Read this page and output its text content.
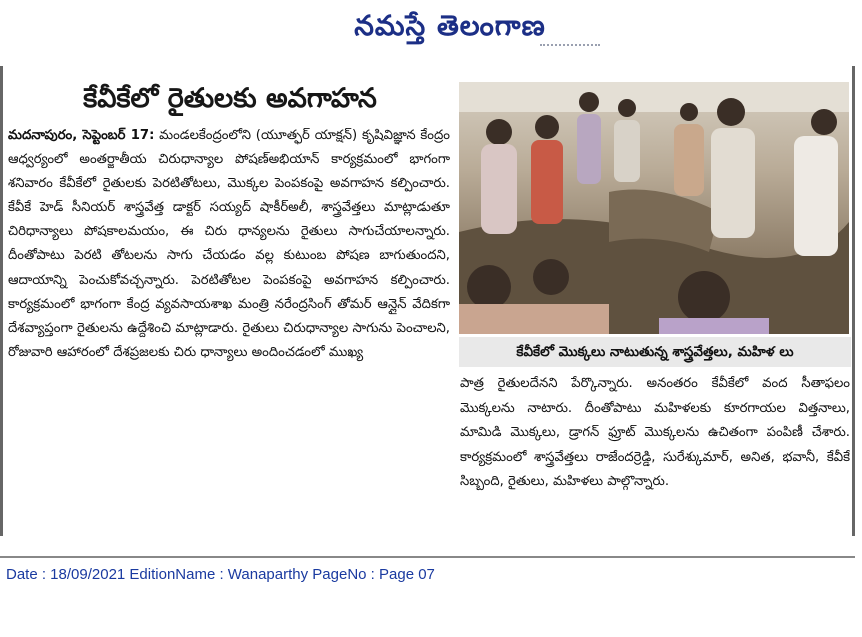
నమస్తే తెలంగాణ
కేవీకేలో రైతులకు అవగాహన

మదనాపురం, సెప్టెంబర్ 17: మండలకేంద్రంలోని (యూత్ఫర్ యాక్షన్) కృషివిజ్ఞాన కేంద్రం ఆధ్వర్యంలో అంతర్జాతీయ చిరుధాన్యాల పోషణ్అభియాన్ కార్యక్రమంలో భాగంగా శనివారం కేవీకేలో రైతులకు పెరటితోటలు, మొక్కల పెంపకంపై అవగాహన కల్పించారు. కేవీకే హెడ్ సీనియర్ శాస్త్రవేత్త డాక్టర్ సయ్యద్ షాకీర్అలీ, శాస్త్రవేత్తలు మాట్లాడుతూ చిరిధాన్యాలు పోషకాలమయం, ఈ చిరు ధాన్యలను రైతులు సాగుచేయాలన్నారు. దీంతోపాటు పెరటి తోటలను సాగు చేయడం వల్ల కుటుంబ పోషణ బాగుతుందని, ఆదాయాన్ని పెంచుకోవచ్చన్నారు. పెరటితోటల పెంపకంపై అవగాహన కల్పించారు. కార్యక్రమంలో భాగంగా కేంద్ర వ్యవసాయశాఖ మంత్రి నరేంద్రసింగ్ తోమర్ ఆన్లైన్ వేదికగా దేశవ్యాప్తంగా రైతులను ఉద్దేశించి మాట్లాడారు. రైతులు చిరుధాన్యాల సాగును పెంచాలని, రోజువారి ఆహారంలో దేశప్రజలకు చిరు ధాన్యాలు అందించడంలో ముఖ్య	కేవీకేలో మొక్కలు నాటుతున్న శాస్త్రవేత్తలు, మహిళ లు

పాత్ర రైతులదేనని పేర్కొన్నారు. అనంతరం కేవీకేలో వంద సీతాఫలం మొక్కలను నాటారు. దీంతోపాటు మహిళలకు కూరగాయల విత్తనాలు, మామిడి మొక్కలు, డ్రాగన్ ఫ్రూట్ మొక్కలను ఉచితంగా పంపిణీ చేశారు. కార్యక్రమంలో శాస్త్రవేత్తలు రాజేందర్రెడ్డి, సురేశ్కుమార్, అనిత, భవానీ, కేవీకే సిబ్బంది, రైతులు, మహిళలు పాల్గొన్నారు.

Date : 18/09/2021 EditionName : Wanaparthy PageNo : Page 07
